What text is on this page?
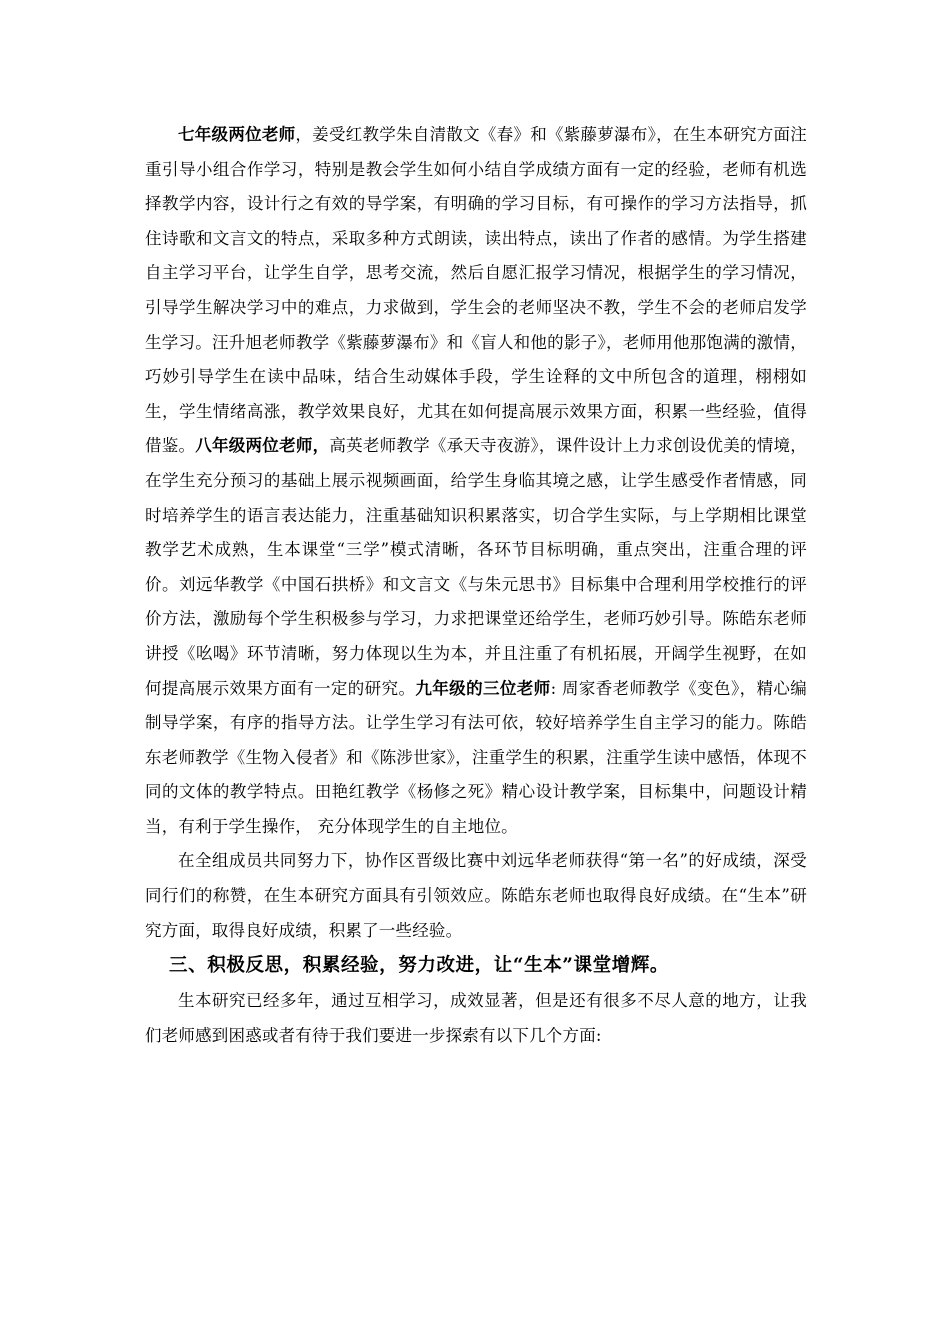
七年级两位老师，姜受红教学朱自清散文《春》和《紫藤萝瀑布》，在生本研究方面注重引导小组合作学习，特别是教会学生如何小结自学成绩方面有一定的经验，老师有机选择教学内容，设计行之有效的导学案，有明确的学习目标，有可操作的学习方法指导，抓住诗歌和文言文的特点，采取多种方式朗读，读出特点，读出了作者的感情。为学生搭建自主学习平台，让学生自学，思考交流，然后自愿汇报学习情况，根据学生的学习情况，引导学生解决学习中的难点，力求做到，学生会的老师坚决不教，学生不会的老师启发学生学习。汪升旭老师教学《紫藤萝瀑布》和《盲人和他的影子》，老师用他那饱满的激情，巧妙引导学生在读中品味，结合生动媒体手段，学生诠释的文中所包含的道理，栩栩如生，学生情绪高涨，教学效果良好，尤其在如何提高展示效果方面，积累一些经验，值得借鉴。八年级两位老师，高英老师教学《承天寺夜游》，课件设计上力求创设优美的情境，在学生充分预习的基础上展示视频画面，给学生身临其境之感，让学生感受作者情感，同时培养学生的语言表达能力，注重基础知识积累落实，切合学生实际，与上学期相比课堂教学艺术成熟，生本课堂“三学”模式清晰，各环节目标明确，重点突出，注重合理的评价。刘远华教学《中国石拱桥》和文言文《与朱元思书》目标集中合理利用学校推行的评价方法，激励每个学生积极参与学习，力求把课堂还给学生，老师巧妙引导。陈皓东老师讲授《吆喝》环节清晰，努力体现以生为本，并且注重了有机拓展，开阔学生视野，在如何提高展示效果方面有一定的研究。九年级的三位老师: 周家香老师教学《变色》，精心编制导学案，有序的指导方法。让学生学习有法可依，较好培养学生自主学习的能力。陈皓东老师教学《生物入侵者》和《陈涉世家》，注重学生的积累，注重学生读中感悟，体现不同的文体的教学特点。田艳红教学《杨修之死》精心设计教学案，目标集中，问题设计精当，有利于学生操作， 充分体现学生的自主地位。

在全组成员共同努力下，协作区晋级比赛中刘远华老师获得“第一名”的好成绩，深受同行们的称赞，在生本研究方面具有引领效应。陈皓东老师也取得良好成绩。在“生本”研究方面，取得良好成绩，积累了一些经验。

三、积极反思，积累经验，努力改进，让“生本”课堂增辉。

生本研究已经多年，通过互相学习，成效显著，但是还有很多不尽人意的地方，让我们老师感到困惑或者有待于我们要进一步探索有以下几个方面:
